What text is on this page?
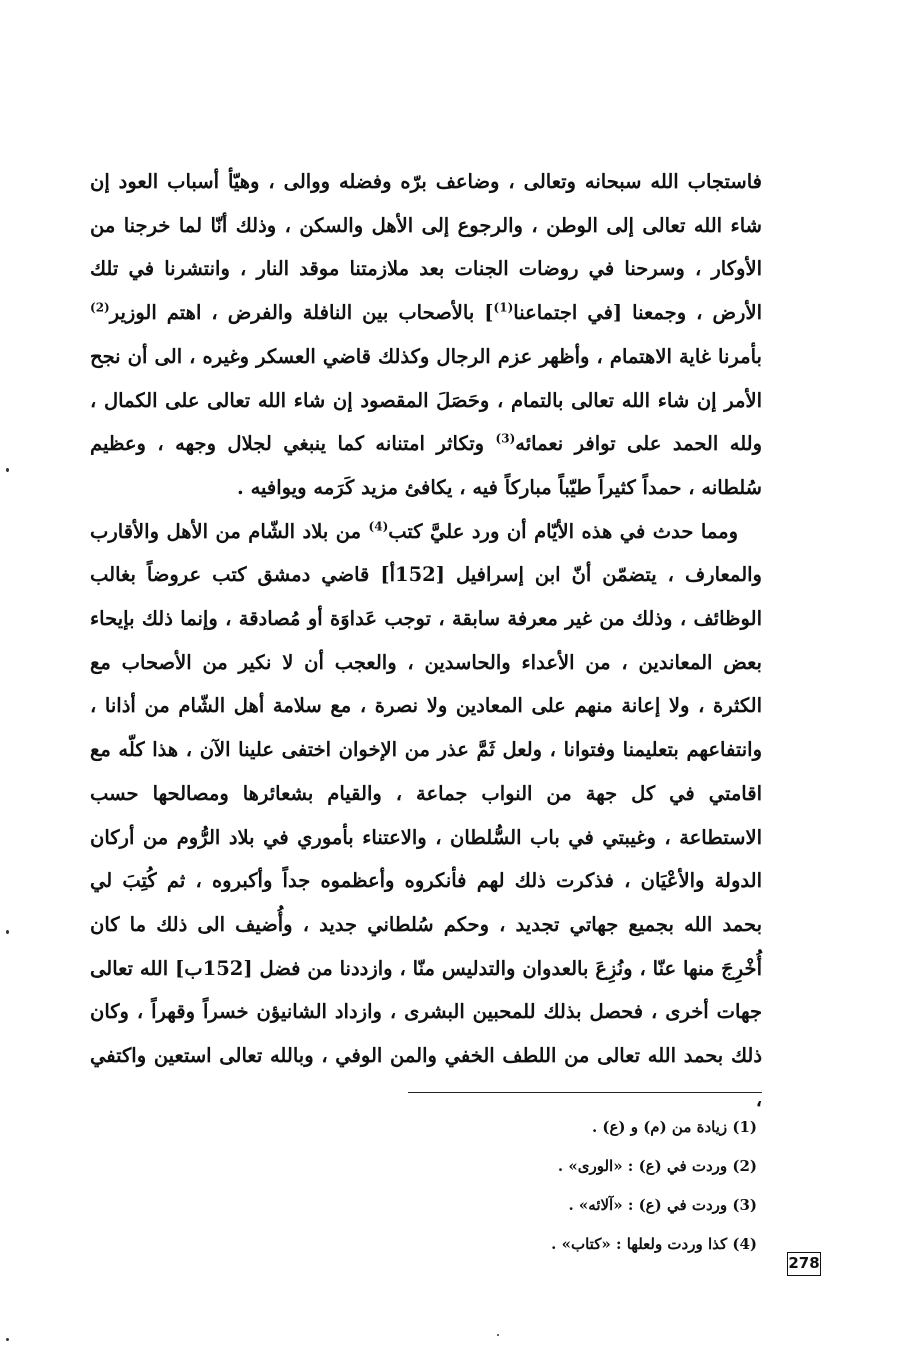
فاستجاب الله سبحانه وتعالى ، وضاعف برّه وفضله ووالى ، وهيّأ أسباب العود إن شاء الله تعالى إلى الوطن ، والرجوع إلى الأهل والسكن ، وذلك أنّا لما خرجنا من الأوكار ، وسرحنا في روضات الجنات بعد ملازمتنا موقد النار ، وانتشرنا في تلك الأرض ، وجمعنا [في اجتماعنا$^{(1)}$] بالأصحاب بين النافلة والفرض ، اهتم الوزير$^{(2)}$ بأمرنا غاية الاهتمام ، وأظهر عزم الرجال وكذلك قاضي العسكر وغيره ، الى أن نجح الأمر إن شاء الله تعالى بالتمام ، وحَصَلَ المقصود إن شاء الله تعالى على الكمال ، ولله الحمد على توافر نعمائه$^{(3)}$ وتكاثر امتنانه كما ينبغي لجلال وجهه ، وعظيم سُلطانه ، حمداً كثيراً طيّباً مباركاً فيه ، يكافئ مزيد كَرَمه ويوافيه .

ومما حدث في هذه الأيّام أن ورد عليَّ كتب$^{(4)}$ من بلاد الشّام من الأهل والأقارب والمعارف ، يتضمّن أنّ ابن إسرافيل [152أ] قاضي دمشق كتب عروضاً بغالب الوظائف ، وذلك من غير معرفة سابقة ، توجب عَداوَة أو مُصادقة ، وإنما ذلك بإيحاء بعض المعاندين ، من الأعداء والحاسدين ، والعجب أن لا نكير من الأصحاب مع الكثرة ، ولا إعانة منهم على المعادين ولا نصرة ، مع سلامة أهل الشّام من أذانا ، وانتفاعهم بتعليمنا وفتوانا ، ولعل ثَمَّ عذر من الإخوان اختفى علينا الآن ، هذا كلّه مع اقامتي في كل جهة من النواب جماعة ، والقيام بشعائرها ومصالحها حسب الاستطاعة ، وغيبتي في باب السُّلطان ، والاعتناء بأموري في بلاد الرُّوم من أركان الدولة والأعْيَان ، فذكرت ذلك لهم فأنكروه وأعظموه جداً وأكبروه ، ثم كُتِبَ لي بحمد الله بجميع جهاتي تجديد ، وحكم سُلطاني جديد ، وأُضيف الى ذلك ما كان أُخْرِجَ منها عنّا ، ونُزِعَ بالعدوان والتدليس منّا ، وازددنا من فضل [152ب] الله تعالى جهات أخرى ، فحصل بذلك للمحبين البشرى ، وازداد الشانيؤن خسراً وقهراً ، وكان ذلك بحمد الله تعالى من اللطف الخفي والمن الوفي ، وبالله تعالى استعين واكتفي ،

(1) زيادة من (م) و (ع) .
(2) وردت في (ع) : «الورى» .
(3) وردت في (ع) : «آلائه» .
(4) كذا وردت ولعلها : «كتاب» .
278
